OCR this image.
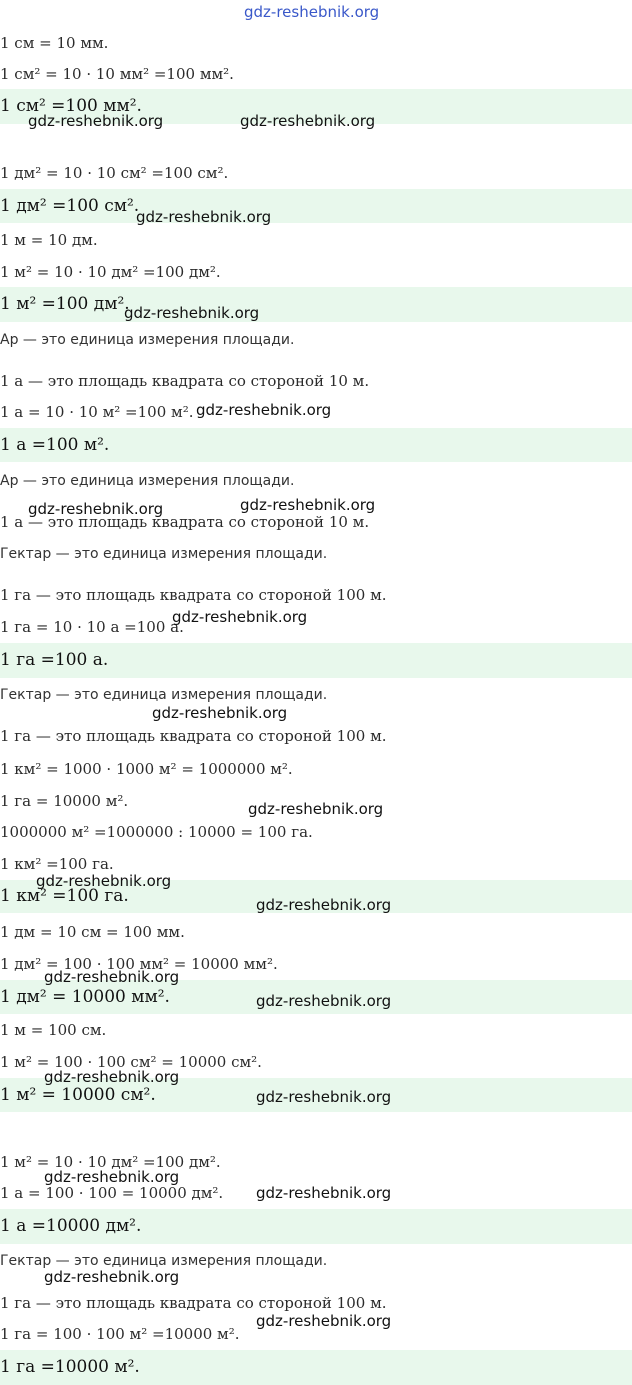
gdz-reshebnik.org
1 см = 10 мм.
1 см² = 10 · 10 мм² =100 мм².
1 см² =100 мм².
1 дм² = 10 · 10 см² =100 см².
1 дм² =100 см².
1 м = 10 дм.
1 м² = 10 · 10 дм² =100 дм².
1 м² =100 дм².
Ар — это единица измерения площади.
1 а — это площадь квадрата со стороной 10 м.
1 а = 10 · 10 м² =100 м².
1 а =100 м².
Ар — это единица измерения площади.
1 а — это площадь квадрата со стороной 10 м.
Гектар — это единица измерения площади.
1 га — это площадь квадрата со стороной 100 м.
1 га = 10 · 10 а =100 а.
1 га =100 а.
Гектар — это единица измерения площади.
1 га — это площадь квадрата со стороной 100 м.
1 км² = 1000 · 1000 м² = 1000000 м².
1 га = 10000 м².
1000000 м² =1000000 : 10000 = 100 га.
1 км² =100 га.
1 км² =100 га.
1 дм = 10 см = 100 мм.
1 дм² = 100 · 100 мм² = 10000 мм².
1 дм² = 10000 мм².
1 м = 100 см.
1 м² = 100 · 100 см² = 10000 см².
1 м² = 10000 см².
1 м² = 10 · 10 дм² =100 дм².
1 а = 100 · 100 = 10000 дм².
1 а =10000 дм².
Гектар — это единица измерения площади.
1 га — это площадь квадрата со стороной 100 м.
1 га = 100 · 100 м² =10000 м².
1 га =10000 м².
gdz-reshebnik.org	gdz-reshebnik.org
gdz-reshebnik.org
gdz-reshebnik.org
gdz-reshebnik.org
gdz-reshebnik.org	gdz-reshebnik.org
gdz-reshebnik.org
gdz-reshebnik.org
gdz-reshebnik.org
gdz-reshebnik.org
gdz-reshebnik.org
gdz-reshebnik.org
gdz-reshebnik.org
gdz-reshebnik.org
gdz-reshebnik.org
gdz-reshebnik.org
gdz-reshebnik.org
gdz-reshebnik.org
gdz-reshebnik.org
